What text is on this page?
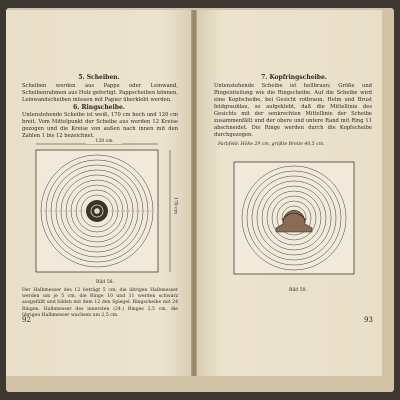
5. Scheiben.
Scheiben werden aus Pappe oder Leinwand, Scheibenrahmen aus Holz gefertigt. Pappscheiben können, Leinwandscheiben müssen mit Papier überklebt werden.
6. Ringscheibe.
Untenstehende Scheibe ist weiß, 170 cm hoch und 120 cm breit. Vom Mittelpunkt der Scheibe aus werden 12 Kreise gezogen und die Kreise von außen nach innen mit den Zahlen 1 bis 12 bezeichnet.
120 cm
170 cm
Bild 58.
Der Halbmesser des 12 beträgt 5 cm; die übrigen Halbmesser werden um je 5 cm, die Ringe 10 und 11 werden schwarz ausgefüllt und bilden mit dem 12 den Spiegel. Ringscheibe mit 24 Ringen. Halbmesser des innersten (24.) Ringes 2,5 cm, die übrigen Halbmesser wachsen um 2,5 cm.
92
7. Kopfringscheibe.
Untenstehende Scheibe ist hellbraun; Größe und Ringeinteilung wie die Ringscheibe. Auf die Scheibe wird eine Kopfscheibe, bei Gesicht rotbraun, Helm und Brust feldgraublau, so aufgeklebt, daß die Mittellinie des Gesichts mit der senkrechten Mittellinie der Scheibe zusammenfällt und der obere und untere Rand mit Ring 11 abschneidet. Die Ringe werden durch die Kopfscheibe durchgezogen.
Farbfeld: Höhe 29 cm, größte Breite 40,5 cm.
Bild 59.
93
